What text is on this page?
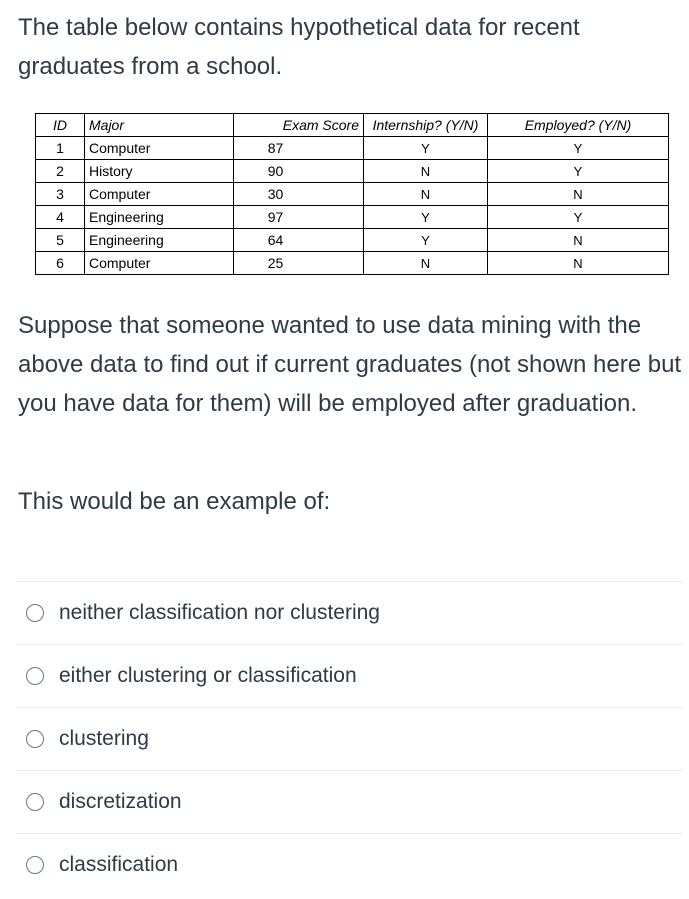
The table below contains hypothetical data for recent graduates from a school.

ID	Major	Exam Score	Internship? (Y/N)	Employed? (Y/N)
1	Computer	87	Y	Y
2	History	90	N	Y
3	Computer	30	N	N
4	Engineering	97	Y	Y
5	Engineering	64	Y	N
6	Computer	25	N	N

Suppose that someone wanted to use data mining with the above data to find out if current graduates (not shown here but you have data for them) will be employed after graduation.

This would be an example of:

neither classification nor clustering
either clustering or classification
clustering
discretization
classification
